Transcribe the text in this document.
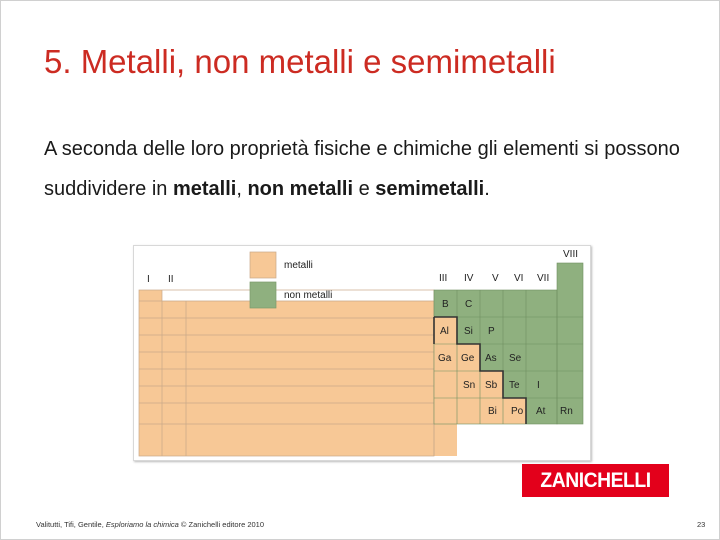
5. Metalli, non metalli e semimetalli
A seconda delle loro proprietà fisiche e chimiche gli elementi si possono suddividere in metalli, non metalli e semimetalli.
metalli
non metalli
I II	III IV V VI VII
VIII
B C
Al Si P
Ga Ge As Se
Sn Sb Te I
Bi Po At Rn
ZANICHELLI
Valitutti, Tifi, Gentile, Esploriamo la chimica © Zanichelli editore 2010	23
